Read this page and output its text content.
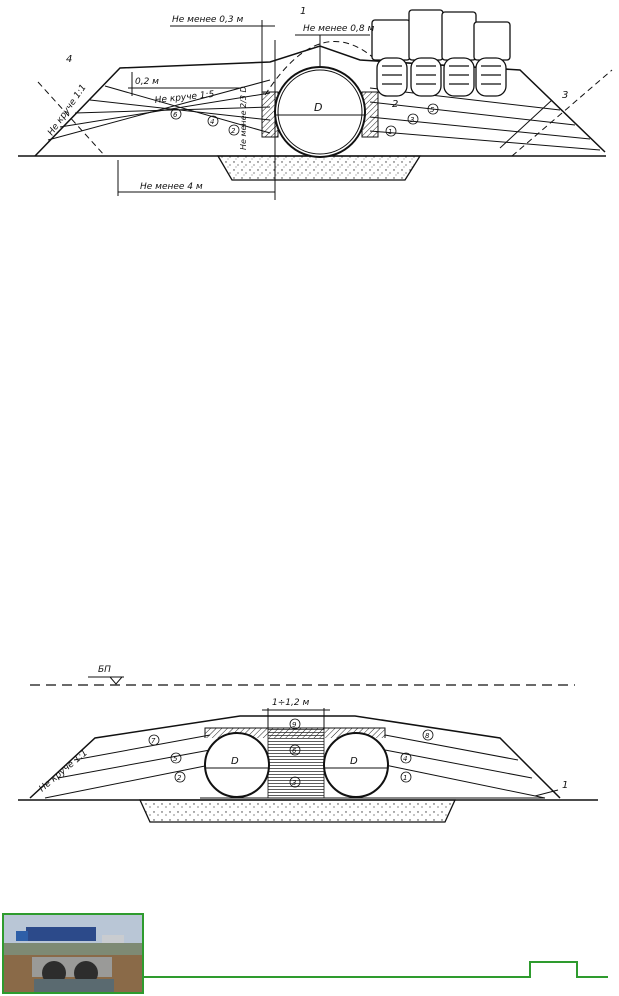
D
Не менее 0,3 м
Не менее 0,8 м
0,2 м
Не круче 1:5
Не круче 1:1
Не менее 4 м
Не менее 2/3 D
1
2
3
4
1
2
3
4
5
6
БП
D	D
1÷1,2 м
Не круче 1:1	1
1
2
3
4
5
6
7
8
9
